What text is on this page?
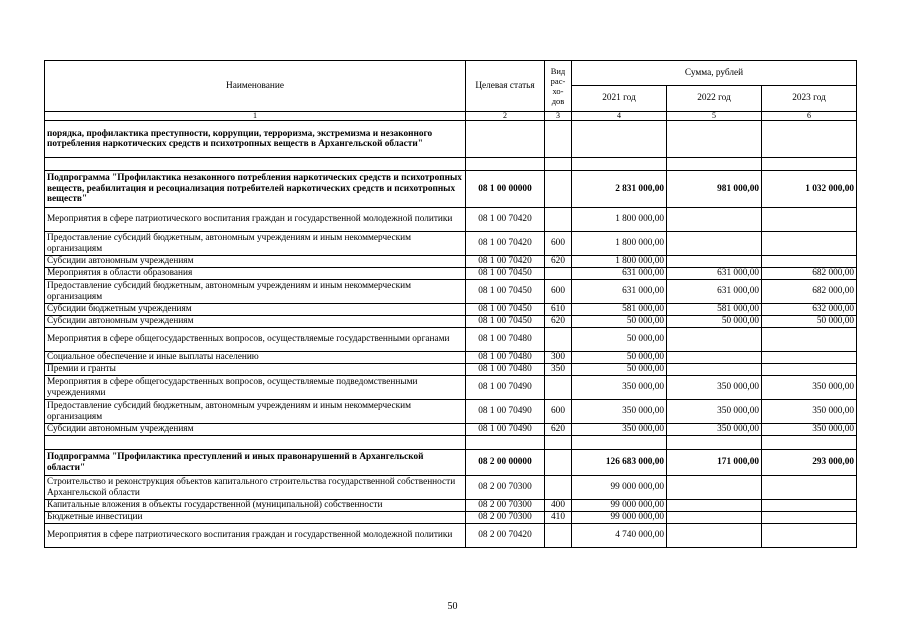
Наименование	Целевая статья	Вид рас-хо-дов	Сумма, рублей		
			2021 год	2022 год	2023 год
1	2	3	4	5	6
порядка, профилактика преступности, коррупции, терроризма, экстремизма и незаконного потребления наркотических средств и психотропных веществ в Архангельской области"					

Подпрограмма "Профилактика незаконного потребления наркотических средств и психотропных веществ, реабилитация и ресоциализация потребителей наркотических средств и психотропных веществ"	08 1 00 00000		2 831 000,00	981 000,00	1 032 000,00
Мероприятия в сфере патриотического воспитания граждан и государственной молодежной политики	08 1 00 70420		1 800 000,00		
Предоставление субсидий бюджетным, автономным учреждениям и иным некоммерческим организациям	08 1 00 70420	600	1 800 000,00		
Субсидии автономным учреждениям	08 1 00 70420	620	1 800 000,00		
Мероприятия в области образования	08 1 00 70450		631 000,00	631 000,00	682 000,00
Предоставление субсидий бюджетным, автономным учреждениям и иным некоммерческим организациям	08 1 00 70450	600	631 000,00	631 000,00	682 000,00
Субсидии бюджетным учреждениям	08 1 00 70450	610	581 000,00	581 000,00	632 000,00
Субсидии автономным учреждениям	08 1 00 70450	620	50 000,00	50 000,00	50 000,00
Мероприятия в сфере общегосударственных вопросов, осуществляемые государственными органами	08 1 00 70480		50 000,00		
Социальное обеспечение и иные выплаты населению	08 1 00 70480	300	50 000,00		
Премии и гранты	08 1 00 70480	350	50 000,00		
Мероприятия в сфере общегосударственных вопросов, осуществляемые подведомственными учреждениями	08 1 00 70490		350 000,00	350 000,00	350 000,00
Предоставление субсидий бюджетным, автономным учреждениям и иным некоммерческим организациям	08 1 00 70490	600	350 000,00	350 000,00	350 000,00
Субсидии автономным учреждениям	08 1 00 70490	620	350 000,00	350 000,00	350 000,00

Подпрограмма "Профилактика преступлений и иных правонарушений в Архангельской области"	08 2 00 00000		126 683 000,00	171 000,00	293 000,00
Строительство и реконструкция объектов капитального строительства государственной собственности Архангельской области	08 2 00 70300		99 000 000,00		
Капитальные вложения в объекты государственной (муниципальной) собственности	08 2 00 70300	400	99 000 000,00		
Бюджетные инвестиции	08 2 00 70300	410	99 000 000,00		
Мероприятия в сфере патриотического воспитания граждан и государственной молодежной политики	08 2 00 70420		4 740 000,00		
50
